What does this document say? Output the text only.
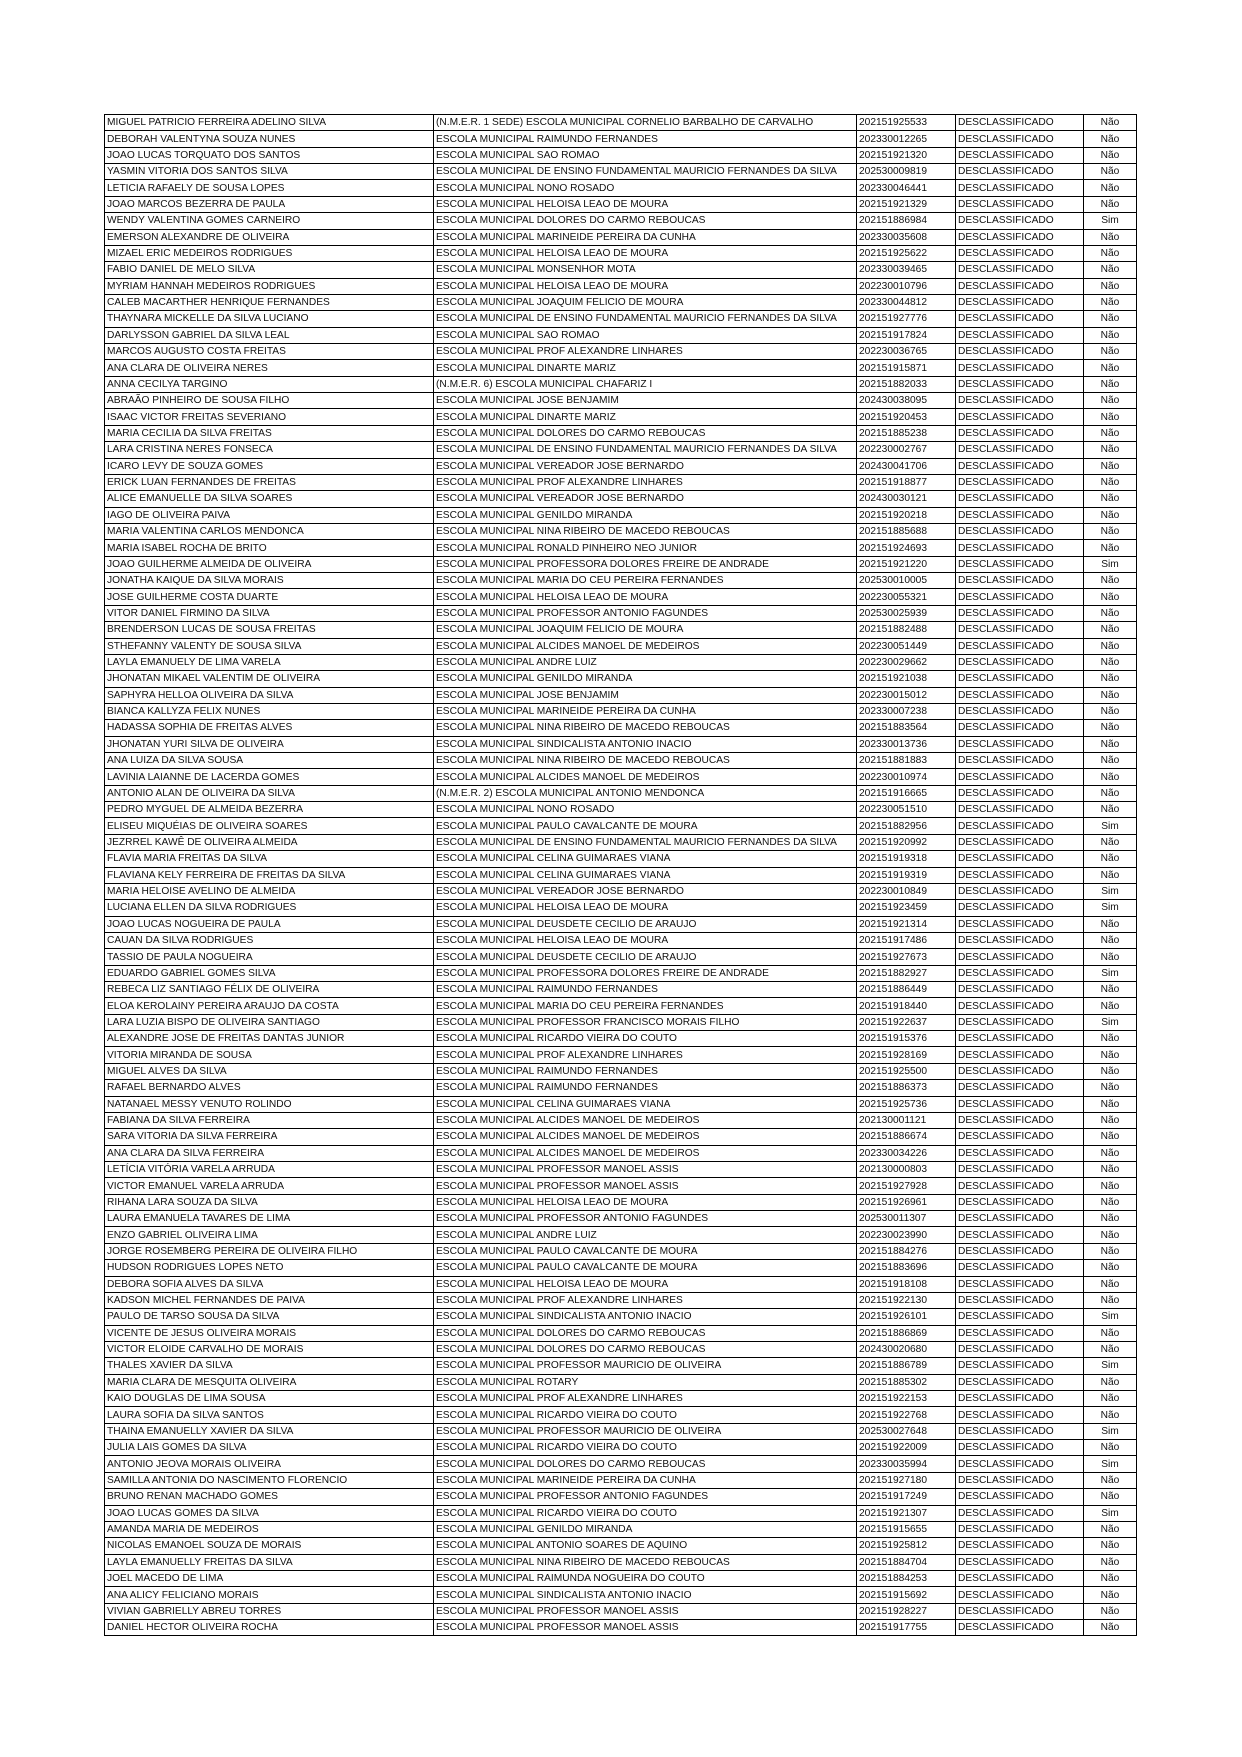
MIGUEL PATRICIO FERREIRA ADELINO SILVA	(N.M.E.R. 1 SEDE) ESCOLA MUNICIPAL CORNELIO BARBALHO DE CARVALHO	202151925533	DESCLASSIFICADO	Não
DEBORAH VALENTYNA SOUZA NUNES	ESCOLA MUNICIPAL RAIMUNDO FERNANDES	202330012265	DESCLASSIFICADO	Não
JOAO LUCAS TORQUATO DOS SANTOS	ESCOLA MUNICIPAL SAO ROMAO	202151921320	DESCLASSIFICADO	Não
YASMIN VITORIA DOS SANTOS SILVA	ESCOLA MUNICIPAL DE ENSINO FUNDAMENTAL MAURICIO FERNANDES DA SILVA	202530009819	DESCLASSIFICADO	Não
LETICIA RAFAELY DE SOUSA LOPES	ESCOLA MUNICIPAL NONO ROSADO	202330046441	DESCLASSIFICADO	Não
JOAO MARCOS BEZERRA DE PAULA	ESCOLA MUNICIPAL HELOISA LEAO DE MOURA	202151921329	DESCLASSIFICADO	Não
WENDY VALENTINA GOMES CARNEIRO	ESCOLA MUNICIPAL DOLORES DO CARMO REBOUCAS	202151886984	DESCLASSIFICADO	Sim
EMERSON ALEXANDRE DE OLIVEIRA	ESCOLA MUNICIPAL MARINEIDE PEREIRA DA CUNHA	202330035608	DESCLASSIFICADO	Não
MIZAEL ERIC MEDEIROS RODRIGUES	ESCOLA MUNICIPAL HELOISA LEAO DE MOURA	202151925622	DESCLASSIFICADO	Não
FABIO DANIEL DE MELO SILVA	ESCOLA MUNICIPAL MONSENHOR MOTA	202330039465	DESCLASSIFICADO	Não
MYRIAM HANNAH MEDEIROS RODRIGUES	ESCOLA MUNICIPAL HELOISA LEAO DE MOURA	202230010796	DESCLASSIFICADO	Não
CALEB MACARTHER HENRIQUE FERNANDES	ESCOLA MUNICIPAL JOAQUIM FELICIO DE MOURA	202330044812	DESCLASSIFICADO	Não
THAYNARA MICKELLE DA SILVA LUCIANO	ESCOLA MUNICIPAL DE ENSINO FUNDAMENTAL MAURICIO FERNANDES DA SILVA	202151927776	DESCLASSIFICADO	Não
DARLYSSON GABRIEL DA SILVA LEAL	ESCOLA MUNICIPAL SAO ROMAO	202151917824	DESCLASSIFICADO	Não
MARCOS AUGUSTO COSTA FREITAS	ESCOLA MUNICIPAL PROF ALEXANDRE LINHARES	202230036765	DESCLASSIFICADO	Não
ANA CLARA DE OLIVEIRA NERES	ESCOLA MUNICIPAL DINARTE MARIZ	202151915871	DESCLASSIFICADO	Não
ANNA CECILYA TARGINO	(N.M.E.R. 6) ESCOLA MUNICIPAL CHAFARIZ I	202151882033	DESCLASSIFICADO	Não
ABRAÃO PINHEIRO DE SOUSA FILHO	ESCOLA MUNICIPAL JOSE BENJAMIM	202430038095	DESCLASSIFICADO	Não
ISAAC VICTOR FREITAS SEVERIANO	ESCOLA MUNICIPAL DINARTE MARIZ	202151920453	DESCLASSIFICADO	Não
MARIA CECILIA DA SILVA FREITAS	ESCOLA MUNICIPAL DOLORES DO CARMO REBOUCAS	202151885238	DESCLASSIFICADO	Não
LARA CRISTINA NERES FONSECA	ESCOLA MUNICIPAL DE ENSINO FUNDAMENTAL MAURICIO FERNANDES DA SILVA	202230002767	DESCLASSIFICADO	Não
ICARO LEVY DE SOUZA GOMES	ESCOLA MUNICIPAL VEREADOR JOSE BERNARDO	202430041706	DESCLASSIFICADO	Não
ERICK LUAN FERNANDES DE FREITAS	ESCOLA MUNICIPAL PROF ALEXANDRE LINHARES	202151918877	DESCLASSIFICADO	Não
ALICE EMANUELLE DA SILVA SOARES	ESCOLA MUNICIPAL VEREADOR JOSE BERNARDO	202430030121	DESCLASSIFICADO	Não
IAGO DE OLIVEIRA PAIVA	ESCOLA MUNICIPAL GENILDO MIRANDA	202151920218	DESCLASSIFICADO	Não
MARIA VALENTINA CARLOS MENDONCA	ESCOLA MUNICIPAL NINA RIBEIRO DE MACEDO REBOUCAS	202151885688	DESCLASSIFICADO	Não
MARIA ISABEL ROCHA DE BRITO	ESCOLA MUNICIPAL RONALD PINHEIRO NEO JUNIOR	202151924693	DESCLASSIFICADO	Não
JOAO GUILHERME ALMEIDA DE OLIVEIRA	ESCOLA MUNICIPAL PROFESSORA DOLORES FREIRE DE ANDRADE	202151921220	DESCLASSIFICADO	Sim
JONATHA KAIQUE DA SILVA MORAIS	ESCOLA MUNICIPAL MARIA DO CEU PEREIRA FERNANDES	202530010005	DESCLASSIFICADO	Não
JOSE GUILHERME COSTA DUARTE	ESCOLA MUNICIPAL HELOISA LEAO DE MOURA	202230055321	DESCLASSIFICADO	Não
VITOR DANIEL FIRMINO DA SILVA	ESCOLA MUNICIPAL PROFESSOR ANTONIO FAGUNDES	202530025939	DESCLASSIFICADO	Não
BRENDERSON LUCAS DE SOUSA FREITAS	ESCOLA MUNICIPAL JOAQUIM FELICIO DE MOURA	202151882488	DESCLASSIFICADO	Não
STHEFANNY VALENTY DE SOUSA SILVA	ESCOLA MUNICIPAL ALCIDES MANOEL DE MEDEIROS	202230051449	DESCLASSIFICADO	Não
LAYLA EMANUELY DE LIMA VARELA	ESCOLA MUNICIPAL ANDRE LUIZ	202230029662	DESCLASSIFICADO	Não
JHONATAN MIKAEL VALENTIM DE OLIVEIRA	ESCOLA MUNICIPAL GENILDO MIRANDA	202151921038	DESCLASSIFICADO	Não
SAPHYRA HELLOA OLIVEIRA DA SILVA	ESCOLA MUNICIPAL JOSE BENJAMIM	202230015012	DESCLASSIFICADO	Não
BIANCA KALLYZA FELIX NUNES	ESCOLA MUNICIPAL MARINEIDE PEREIRA DA CUNHA	202330007238	DESCLASSIFICADO	Não
HADASSA SOPHIA DE FREITAS ALVES	ESCOLA MUNICIPAL NINA RIBEIRO DE MACEDO REBOUCAS	202151883564	DESCLASSIFICADO	Não
JHONATAN YURI SILVA DE OLIVEIRA	ESCOLA MUNICIPAL SINDICALISTA ANTONIO INACIO	202330013736	DESCLASSIFICADO	Não
ANA LUIZA DA SILVA SOUSA	ESCOLA MUNICIPAL NINA RIBEIRO DE MACEDO REBOUCAS	202151881883	DESCLASSIFICADO	Não
LAVINIA LAIANNE DE LACERDA GOMES	ESCOLA MUNICIPAL ALCIDES MANOEL DE MEDEIROS	202230010974	DESCLASSIFICADO	Não
ANTONIO ALAN DE OLIVEIRA DA SILVA	(N.M.E.R. 2) ESCOLA MUNICIPAL ANTONIO MENDONCA	202151916665	DESCLASSIFICADO	Não
PEDRO MYGUEL DE ALMEIDA BEZERRA	ESCOLA MUNICIPAL NONO ROSADO	202230051510	DESCLASSIFICADO	Não
ELISEU MIQUÉIAS DE OLIVEIRA SOARES	ESCOLA MUNICIPAL PAULO CAVALCANTE DE MOURA	202151882956	DESCLASSIFICADO	Sim
JEZRREL KAWÊ DE OLIVEIRA ALMEIDA	ESCOLA MUNICIPAL DE ENSINO FUNDAMENTAL MAURICIO FERNANDES DA SILVA	202151920992	DESCLASSIFICADO	Não
FLAVIA MARIA FREITAS DA SILVA	ESCOLA MUNICIPAL CELINA GUIMARAES VIANA	202151919318	DESCLASSIFICADO	Não
FLAVIANA KELY FERREIRA DE FREITAS DA SILVA	ESCOLA MUNICIPAL CELINA GUIMARAES VIANA	202151919319	DESCLASSIFICADO	Não
MARIA HELOISE AVELINO DE ALMEIDA	ESCOLA MUNICIPAL VEREADOR JOSE BERNARDO	202230010849	DESCLASSIFICADO	Sim
LUCIANA ELLEN DA SILVA RODRIGUES	ESCOLA MUNICIPAL HELOISA LEAO DE MOURA	202151923459	DESCLASSIFICADO	Sim
JOAO LUCAS NOGUEIRA DE PAULA	ESCOLA MUNICIPAL DEUSDETE CECILIO DE ARAUJO	202151921314	DESCLASSIFICADO	Não
CAUAN DA SILVA RODRIGUES	ESCOLA MUNICIPAL HELOISA LEAO DE MOURA	202151917486	DESCLASSIFICADO	Não
TASSIO DE PAULA NOGUEIRA	ESCOLA MUNICIPAL DEUSDETE CECILIO DE ARAUJO	202151927673	DESCLASSIFICADO	Não
EDUARDO GABRIEL GOMES SILVA	ESCOLA MUNICIPAL PROFESSORA DOLORES FREIRE DE ANDRADE	202151882927	DESCLASSIFICADO	Sim
REBECA LIZ SANTIAGO FÉLIX DE OLIVEIRA	ESCOLA MUNICIPAL RAIMUNDO FERNANDES	202151886449	DESCLASSIFICADO	Não
ELOA KEROLAINY PEREIRA ARAUJO DA COSTA	ESCOLA MUNICIPAL MARIA DO CEU PEREIRA FERNANDES	202151918440	DESCLASSIFICADO	Não
LARA LUZIA BISPO DE OLIVEIRA SANTIAGO	ESCOLA MUNICIPAL PROFESSOR FRANCISCO MORAIS FILHO	202151922637	DESCLASSIFICADO	Sim
ALEXANDRE JOSE DE FREITAS DANTAS JUNIOR	ESCOLA MUNICIPAL RICARDO VIEIRA DO COUTO	202151915376	DESCLASSIFICADO	Não
VITORIA MIRANDA DE SOUSA	ESCOLA MUNICIPAL PROF ALEXANDRE LINHARES	202151928169	DESCLASSIFICADO	Não
MIGUEL ALVES DA SILVA	ESCOLA MUNICIPAL RAIMUNDO FERNANDES	202151925500	DESCLASSIFICADO	Não
RAFAEL BERNARDO ALVES	ESCOLA MUNICIPAL RAIMUNDO FERNANDES	202151886373	DESCLASSIFICADO	Não
NATANAEL MESSY VENUTO ROLINDO	ESCOLA MUNICIPAL CELINA GUIMARAES VIANA	202151925736	DESCLASSIFICADO	Não
FABIANA DA SILVA FERREIRA	ESCOLA MUNICIPAL ALCIDES MANOEL DE MEDEIROS	202130001121	DESCLASSIFICADO	Não
SARA VITORIA DA SILVA FERREIRA	ESCOLA MUNICIPAL ALCIDES MANOEL DE MEDEIROS	202151886674	DESCLASSIFICADO	Não
ANA CLARA DA SILVA FERREIRA	ESCOLA MUNICIPAL ALCIDES MANOEL DE MEDEIROS	202330034226	DESCLASSIFICADO	Não
LETÍCIA VITÓRIA VARELA ARRUDA	ESCOLA MUNICIPAL PROFESSOR MANOEL ASSIS	202130000803	DESCLASSIFICADO	Não
VICTOR EMANUEL VARELA ARRUDA	ESCOLA MUNICIPAL PROFESSOR MANOEL ASSIS	202151927928	DESCLASSIFICADO	Não
RIHANA LARA SOUZA DA SILVA	ESCOLA MUNICIPAL HELOISA LEAO DE MOURA	202151926961	DESCLASSIFICADO	Não
LAURA EMANUELA TAVARES DE LIMA	ESCOLA MUNICIPAL PROFESSOR ANTONIO FAGUNDES	202530011307	DESCLASSIFICADO	Não
ENZO GABRIEL OLIVEIRA LIMA	ESCOLA MUNICIPAL ANDRE LUIZ	202230023990	DESCLASSIFICADO	Não
JORGE ROSEMBERG PEREIRA DE OLIVEIRA FILHO	ESCOLA MUNICIPAL PAULO CAVALCANTE DE MOURA	202151884276	DESCLASSIFICADO	Não
HUDSON RODRIGUES LOPES NETO	ESCOLA MUNICIPAL PAULO CAVALCANTE DE MOURA	202151883696	DESCLASSIFICADO	Não
DEBORA SOFIA ALVES DA SILVA	ESCOLA MUNICIPAL HELOISA LEAO DE MOURA	202151918108	DESCLASSIFICADO	Não
KADSON MICHEL FERNANDES DE PAIVA	ESCOLA MUNICIPAL PROF ALEXANDRE LINHARES	202151922130	DESCLASSIFICADO	Não
PAULO DE TARSO SOUSA DA SILVA	ESCOLA MUNICIPAL SINDICALISTA ANTONIO INACIO	202151926101	DESCLASSIFICADO	Sim
VICENTE DE JESUS OLIVEIRA MORAIS	ESCOLA MUNICIPAL DOLORES DO CARMO REBOUCAS	202151886869	DESCLASSIFICADO	Não
VICTOR ELOIDE CARVALHO DE MORAIS	ESCOLA MUNICIPAL DOLORES DO CARMO REBOUCAS	202430020680	DESCLASSIFICADO	Não
THALES XAVIER DA SILVA	ESCOLA MUNICIPAL PROFESSOR MAURICIO DE OLIVEIRA	202151886789	DESCLASSIFICADO	Sim
MARIA CLARA DE MESQUITA OLIVEIRA	ESCOLA MUNICIPAL ROTARY	202151885302	DESCLASSIFICADO	Não
KAIO DOUGLAS DE LIMA SOUSA	ESCOLA MUNICIPAL PROF ALEXANDRE LINHARES	202151922153	DESCLASSIFICADO	Não
LAURA SOFIA DA SILVA SANTOS	ESCOLA MUNICIPAL RICARDO VIEIRA DO COUTO	202151922768	DESCLASSIFICADO	Não
THAINA EMANUELLY XAVIER DA SILVA	ESCOLA MUNICIPAL PROFESSOR MAURICIO DE OLIVEIRA	202530027648	DESCLASSIFICADO	Sim
JULIA LAIS GOMES DA SILVA	ESCOLA MUNICIPAL RICARDO VIEIRA DO COUTO	202151922009	DESCLASSIFICADO	Não
ANTONIO JEOVA MORAIS OLIVEIRA	ESCOLA MUNICIPAL DOLORES DO CARMO REBOUCAS	202330035994	DESCLASSIFICADO	Sim
SAMILLA ANTONIA DO NASCIMENTO FLORENCIO	ESCOLA MUNICIPAL MARINEIDE PEREIRA DA CUNHA	202151927180	DESCLASSIFICADO	Não
BRUNO RENAN MACHADO GOMES	ESCOLA MUNICIPAL PROFESSOR ANTONIO FAGUNDES	202151917249	DESCLASSIFICADO	Não
JOAO LUCAS GOMES DA SILVA	ESCOLA MUNICIPAL RICARDO VIEIRA DO COUTO	202151921307	DESCLASSIFICADO	Sim
AMANDA MARIA DE MEDEIROS	ESCOLA MUNICIPAL GENILDO MIRANDA	202151915655	DESCLASSIFICADO	Não
NICOLAS EMANOEL SOUZA DE MORAIS	ESCOLA MUNICIPAL ANTONIO SOARES DE AQUINO	202151925812	DESCLASSIFICADO	Não
LAYLA EMANUELLY FREITAS DA SILVA	ESCOLA MUNICIPAL NINA RIBEIRO DE MACEDO REBOUCAS	202151884704	DESCLASSIFICADO	Não
JOEL MACEDO DE LIMA	ESCOLA MUNICIPAL RAIMUNDA NOGUEIRA DO COUTO	202151884253	DESCLASSIFICADO	Não
ANA ALICY FELICIANO MORAIS	ESCOLA MUNICIPAL SINDICALISTA ANTONIO INACIO	202151915692	DESCLASSIFICADO	Não
VIVIAN GABRIELLY ABREU TORRES	ESCOLA MUNICIPAL PROFESSOR MANOEL ASSIS	202151928227	DESCLASSIFICADO	Não
DANIEL HECTOR OLIVEIRA ROCHA	ESCOLA MUNICIPAL PROFESSOR MANOEL ASSIS	202151917755	DESCLASSIFICADO	Não
